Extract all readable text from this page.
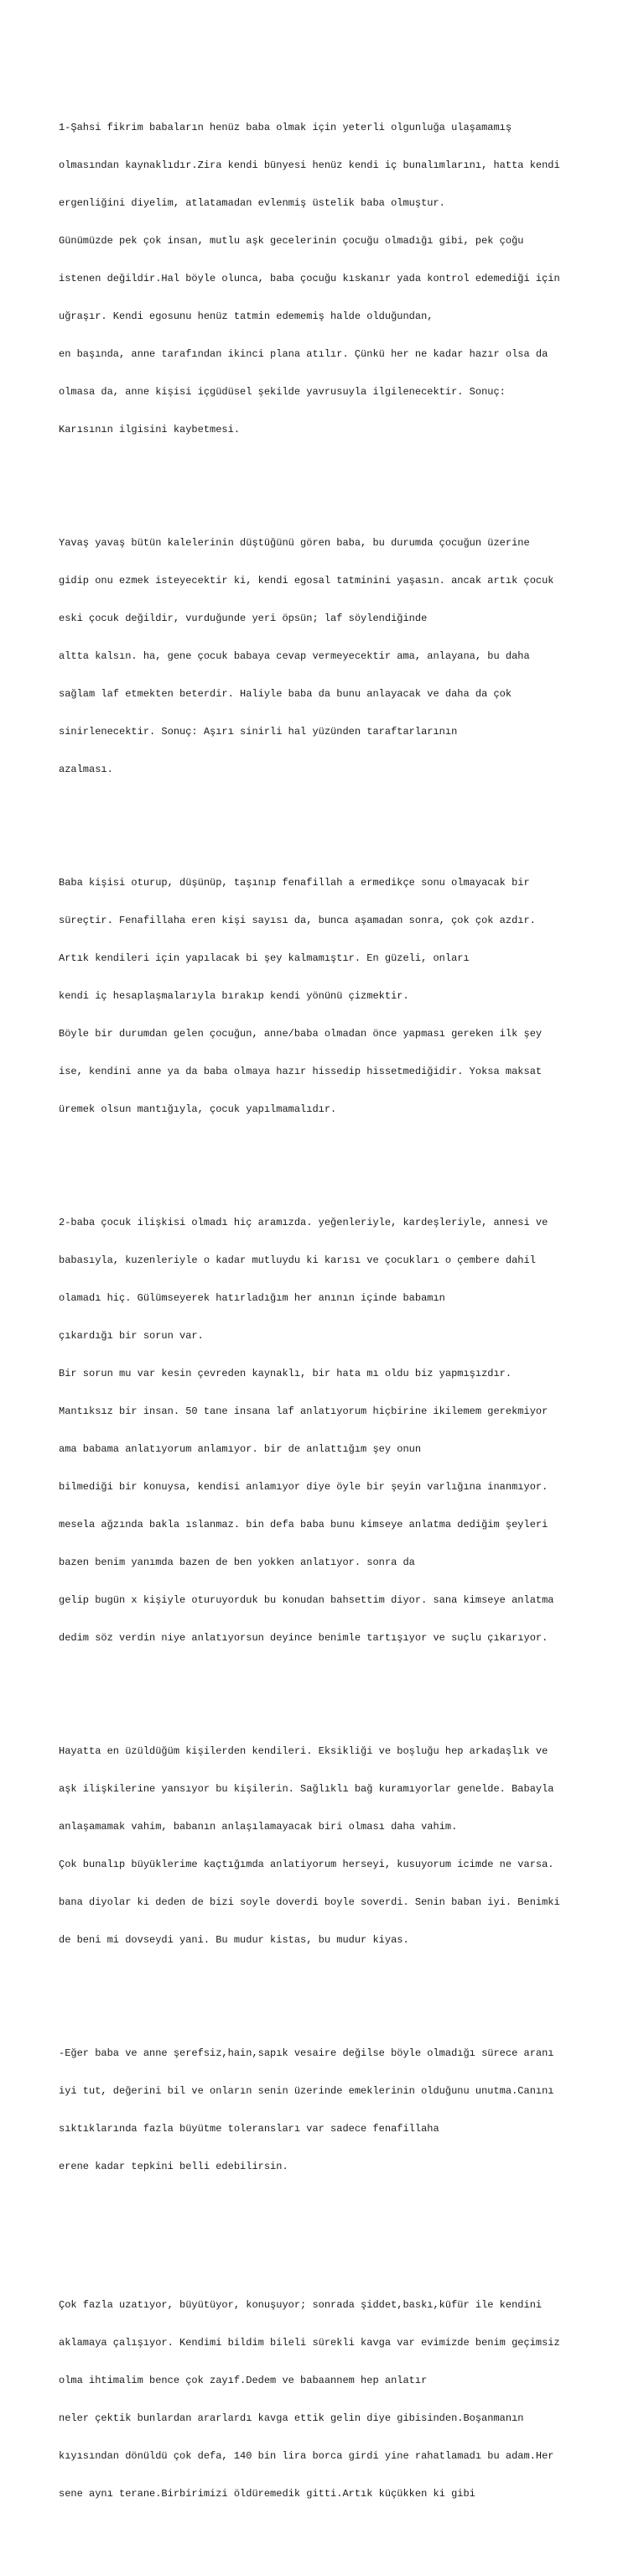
1-Şahsi fikrim babaların henüz baba olmak için yeterli olgunluğa ulaşamamış

olmasından kaynaklıdır.Zira kendi bünyesi henüz kendi iç bunalımlarını, hatta kendi

ergenliğini diyelim, atlatamadan evlenmiş üstelik baba olmuştur.

Günümüzde pek çok insan, mutlu aşk gecelerinin çocuğu olmadığı gibi, pek çoğu

istenen değildir.Hal böyle olunca, baba çocuğu kıskanır yada kontrol edemediği için

uğraşır. Kendi egosunu henüz tatmin edememiş halde olduğundan,

en başında, anne tarafından ikinci plana atılır. Çünkü her ne kadar hazır olsa da

olmasa da, anne kişisi içgüdüsel şekilde yavrusuyla ilgilenecektir. Sonuç:

Karısının ilgisini kaybetmesi.

Yavaş yavaş bütün kalelerinin düştüğünü gören baba, bu durumda çocuğun üzerine

gidip onu ezmek isteyecektir ki, kendi egosal tatminini yaşasın. ancak artık çocuk

eski çocuk değildir, vurduğunde yeri öpsün; laf söylendiğinde

altta kalsın. ha, gene çocuk babaya cevap vermeyecektir ama, anlayana, bu daha

sağlam laf etmekten beterdir. Haliyle baba da bunu anlayacak ve daha da çok

sinirlenecektir. Sonuç: Aşırı sinirli hal yüzünden taraftarlarının

azalması.

Baba kişisi oturup, düşünüp, taşınıp fenafillah a ermedikçe sonu olmayacak bir

süreçtir. Fenafillaha eren kişi sayısı da, bunca aşamadan sonra, çok çok azdır.

Artık kendileri için yapılacak bi şey kalmamıştır. En güzeli, onları

kendi iç hesaplaşmalarıyla bırakıp kendi yönünü çizmektir.

Böyle bir durumdan gelen çocuğun, anne/baba olmadan önce yapması gereken ilk şey

ise, kendini anne ya da baba olmaya hazır hissedip hissetmediğidir. Yoksa maksat

üremek olsun mantığıyla, çocuk yapılmamalıdır.

2-baba çocuk ilişkisi olmadı hiç aramızda. yeğenleriyle, kardeşleriyle, annesi ve

babasıyla, kuzenleriyle o kadar mutluydu ki karısı ve çocukları o çembere dahil

olamadı hiç. Gülümseyerek hatırladığım her anının içinde babamın

çıkardığı bir sorun var.

Bir sorun mu var kesin çevreden kaynaklı, bir hata mı oldu biz yapmışızdır.

Mantıksız bir insan. 50 tane insana laf anlatıyorum hiçbirine ikilemem gerekmiyor

ama babama anlatıyorum anlamıyor. bir de anlattığım şey onun

bilmediği bir konuysa, kendisi anlamıyor diye öyle bir şeyin varlığına inanmıyor.

mesela ağzında bakla ıslanmaz. bin defa baba bunu kimseye anlatma dediğim şeyleri

bazen benim yanımda bazen de ben yokken anlatıyor. sonra da

gelip bugün x kişiyle oturuyorduk bu konudan bahsettim diyor. sana kimseye anlatma

dedim söz verdin niye anlatıyorsun deyince benimle tartışıyor ve suçlu çıkarıyor.

Hayatta en üzüldüğüm kişilerden kendileri. Eksikliği ve boşluğu hep arkadaşlık ve

aşk ilişkilerine yansıyor bu kişilerin. Sağlıklı bağ kuramıyorlar genelde. Babayla

anlaşamamak vahim, babanın anlaşılamayacak biri olması daha vahim.

Çok bunalıp büyüklerime kaçtığımda anlatiyorum herseyi, kusuyorum icimde ne varsa.

bana diyolar ki deden de bizi soyle doverdi boyle soverdi. Senin baban iyi. Benimki

de beni mi dovseydi yani. Bu mudur kistas, bu mudur kiyas.

-Eğer baba ve anne şerefsiz,hain,sapık vesaire değilse böyle olmadığı sürece aranı

iyi tut, değerini bil ve onların senin üzerinde emeklerinin olduğunu unutma.Canını

sıktıklarında fazla büyütme toleransları var sadece fenafillaha

erene kadar tepkini belli edebilirsin.

Çok fazla uzatıyor, büyütüyor, konuşuyor; sonrada şiddet,baskı,küfür ile kendini

aklamaya çalışıyor. Kendimi bildim bileli sürekli kavga var evimizde benim geçimsiz

olma ihtimalim bence çok zayıf.Dedem ve babaannem hep anlatır

neler çektik bunlardan ararlardı kavga ettik gelin diye gibisinden.Boşanmanın

kıyısından dönüldü çok defa, 140 bin lira borca girdi yine rahatlamadı bu adam.Her

sene aynı terane.Birbirimizi öldüremedik gitti.Artık küçükken ki gibi
